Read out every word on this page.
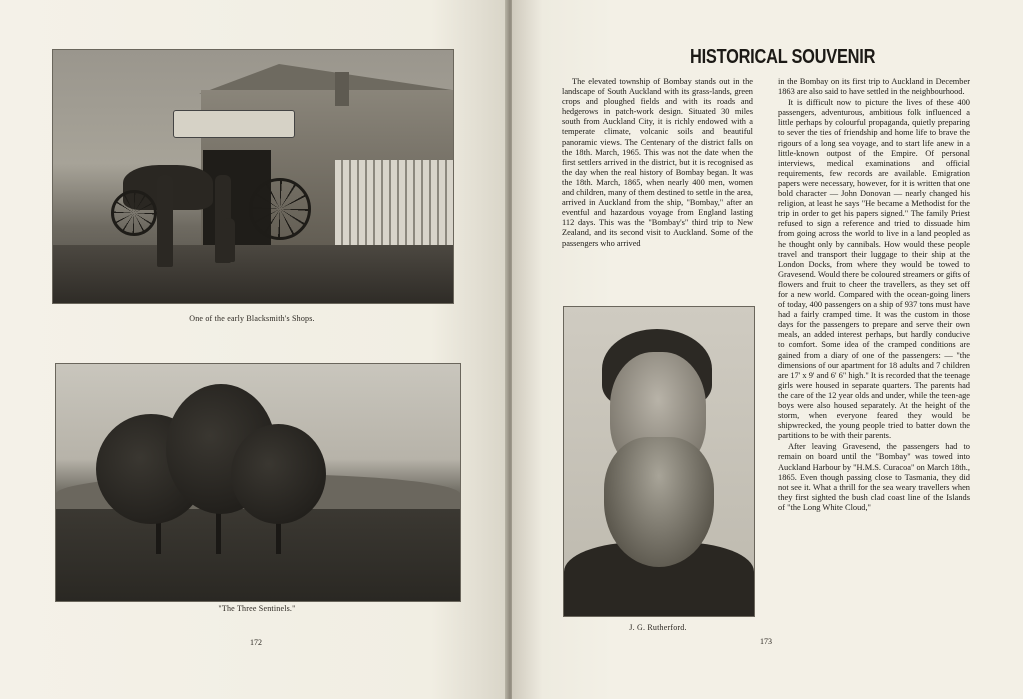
One of the early Blacksmith's Shops.
"The Three Sentinels."
172
HISTORICAL SOUVENIR

The elevated township of Bombay stands out in the landscape of South Auckland with its grass-lands, green crops and ploughed fields and with its roads and hedgerows in patch-work design. Situated 30 miles south from Auckland City, it is richly endowed with a temperate climate, volcanic soils and beautiful panoramic views. The Centenary of the district falls on the 18th. March, 1965. This was not the date when the first settlers arrived in the district, but it is recognised as the day when the real history of Bombay began. It was the 18th. March, 1865, when nearly 400 men, women and children, many of them destined to settle in the area, arrived in Auckland from the ship, "Bombay," after an eventful and hazardous voyage from England lasting 112 days. This was the "Bombay's" third trip to New Zealand, and its second visit to Auckland. Some of the passengers who arrived

J. G. Rutherford.

in the Bombay on its first trip to Auckland in December 1863 are also said to have settled in the neighbourhood.

It is difficult now to picture the lives of these 400 passengers, adventurous, ambitious folk influenced a little perhaps by colourful propaganda, quietly preparing to sever the ties of friendship and home life to brave the rigours of a long sea voyage, and to start life anew in a little-known outpost of the Empire. Of personal interviews, medical examinations and official requirements, few records are available. Emigration papers were necessary, however, for it is written that one bold character — John Donovan — nearly changed his religion, at least he says "He became a Methodist for the trip in order to get his papers signed." The family Priest refused to sign a reference and tried to dissuade him from going across the world to live in a land peopled as he thought only by cannibals. How would these people travel and transport their luggage to their ship at the London Docks, from where they would be towed to Gravesend. Would there be coloured streamers or gifts of flowers and fruit to cheer the travellers, as they set off for a new world. Compared with the ocean-going liners of today, 400 passengers on a ship of 937 tons must have had a fairly cramped time. It was the custom in those days for the passengers to prepare and serve their own meals, an added interest perhaps, but hardly conducive to comfort. Some idea of the cramped conditions are gained from a diary of one of the passengers: — "the dimensions of our apartment for 18 adults and 7 children are 17' x 9' and 6' 6" high." It is recorded that the teenage girls were housed in separate quarters. The parents had the care of the 12 year olds and under, while the teen-age boys were also housed separately. At the height of the storm, when everyone feared they would be shipwrecked, the young people tried to batter down the partitions to be with their parents.

After leaving Gravesend, the passengers had to remain on board until the "Bombay" was towed into Auckland Harbour by "H.M.S. Curacoa" on March 18th., 1865. Even though passing close to Tasmania, they did not see it. What a thrill for the sea weary travellers when they first sighted the bush clad coast line of the Islands of "the Long White Cloud,"

173
